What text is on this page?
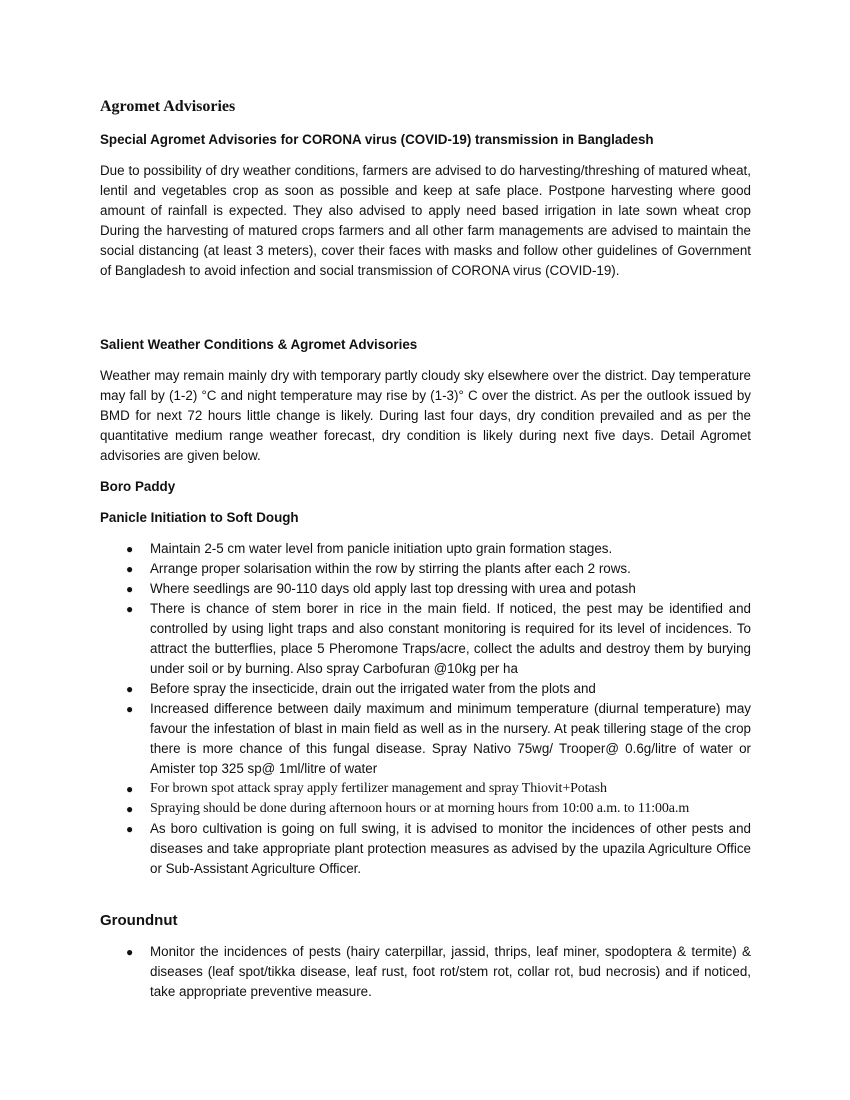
Agromet Advisories
Special Agromet Advisories for CORONA virus (COVID-19) transmission in Bangladesh

Due to possibility of dry weather conditions, farmers are advised to do harvesting/threshing of matured wheat, lentil and vegetables crop as soon as possible and keep at safe place. Postpone harvesting where good amount of rainfall is expected. They also advised to apply need based irrigation in late sown wheat crop During the harvesting of matured crops farmers and all other farm managements are advised to maintain the social distancing (at least 3 meters), cover their faces with masks and follow other guidelines of Government of Bangladesh to avoid infection and social transmission of CORONA virus (COVID-19).

Salient Weather Conditions & Agromet Advisories

Weather may remain mainly dry with temporary partly cloudy sky elsewhere over the district. Day temperature may fall by (1-2) °C and night temperature may rise by (1-3)° C over the district. As per the outlook issued by BMD for next 72 hours little change is likely. During last four days, dry condition prevailed and as per the quantitative medium range weather forecast, dry condition is likely during next five days. Detail Agromet advisories are given below.

Boro Paddy
Panicle Initiation to Soft Dough
● Maintain 2-5 cm water level from panicle initiation upto grain formation stages.
● Arrange proper solarisation within the row by stirring the plants after each 2 rows.
● Where seedlings are 90-110 days old apply last top dressing with urea and potash
● There is chance of stem borer in rice in the main field. If noticed, the pest may be identified and controlled by using light traps and also constant monitoring is required for its level of incidences. To attract the butterflies, place 5 Pheromone Traps/acre, collect the adults and destroy them by burying under soil or by burning. Also spray Carbofuran @10kg per ha
● Before spray the insecticide, drain out the irrigated water from the plots and
● Increased difference between daily maximum and minimum temperature (diurnal temperature) may favour the infestation of blast in main field as well as in the nursery. At peak tillering stage of the crop there is more chance of this fungal disease. Spray Nativo 75wg/ Trooper@ 0.6g/litre of water or Amister top 325 sp@ 1ml/litre of water
● For brown spot attack spray apply fertilizer management and spray Thiovit+Potash
● Spraying should be done during afternoon hours or at morning hours from 10:00 a.m. to 11:00a.m
● As boro cultivation is going on full swing, it is advised to monitor the incidences of other pests and diseases and take appropriate plant protection measures as advised by the upazila Agriculture Office or Sub-Assistant Agriculture Officer.
Groundnut
● Monitor the incidences of pests (hairy caterpillar, jassid, thrips, leaf miner, spodoptera & termite) & diseases (leaf spot/tikka disease, leaf rust, foot rot/stem rot, collar rot, bud necrosis) and if noticed, take appropriate preventive measure.
